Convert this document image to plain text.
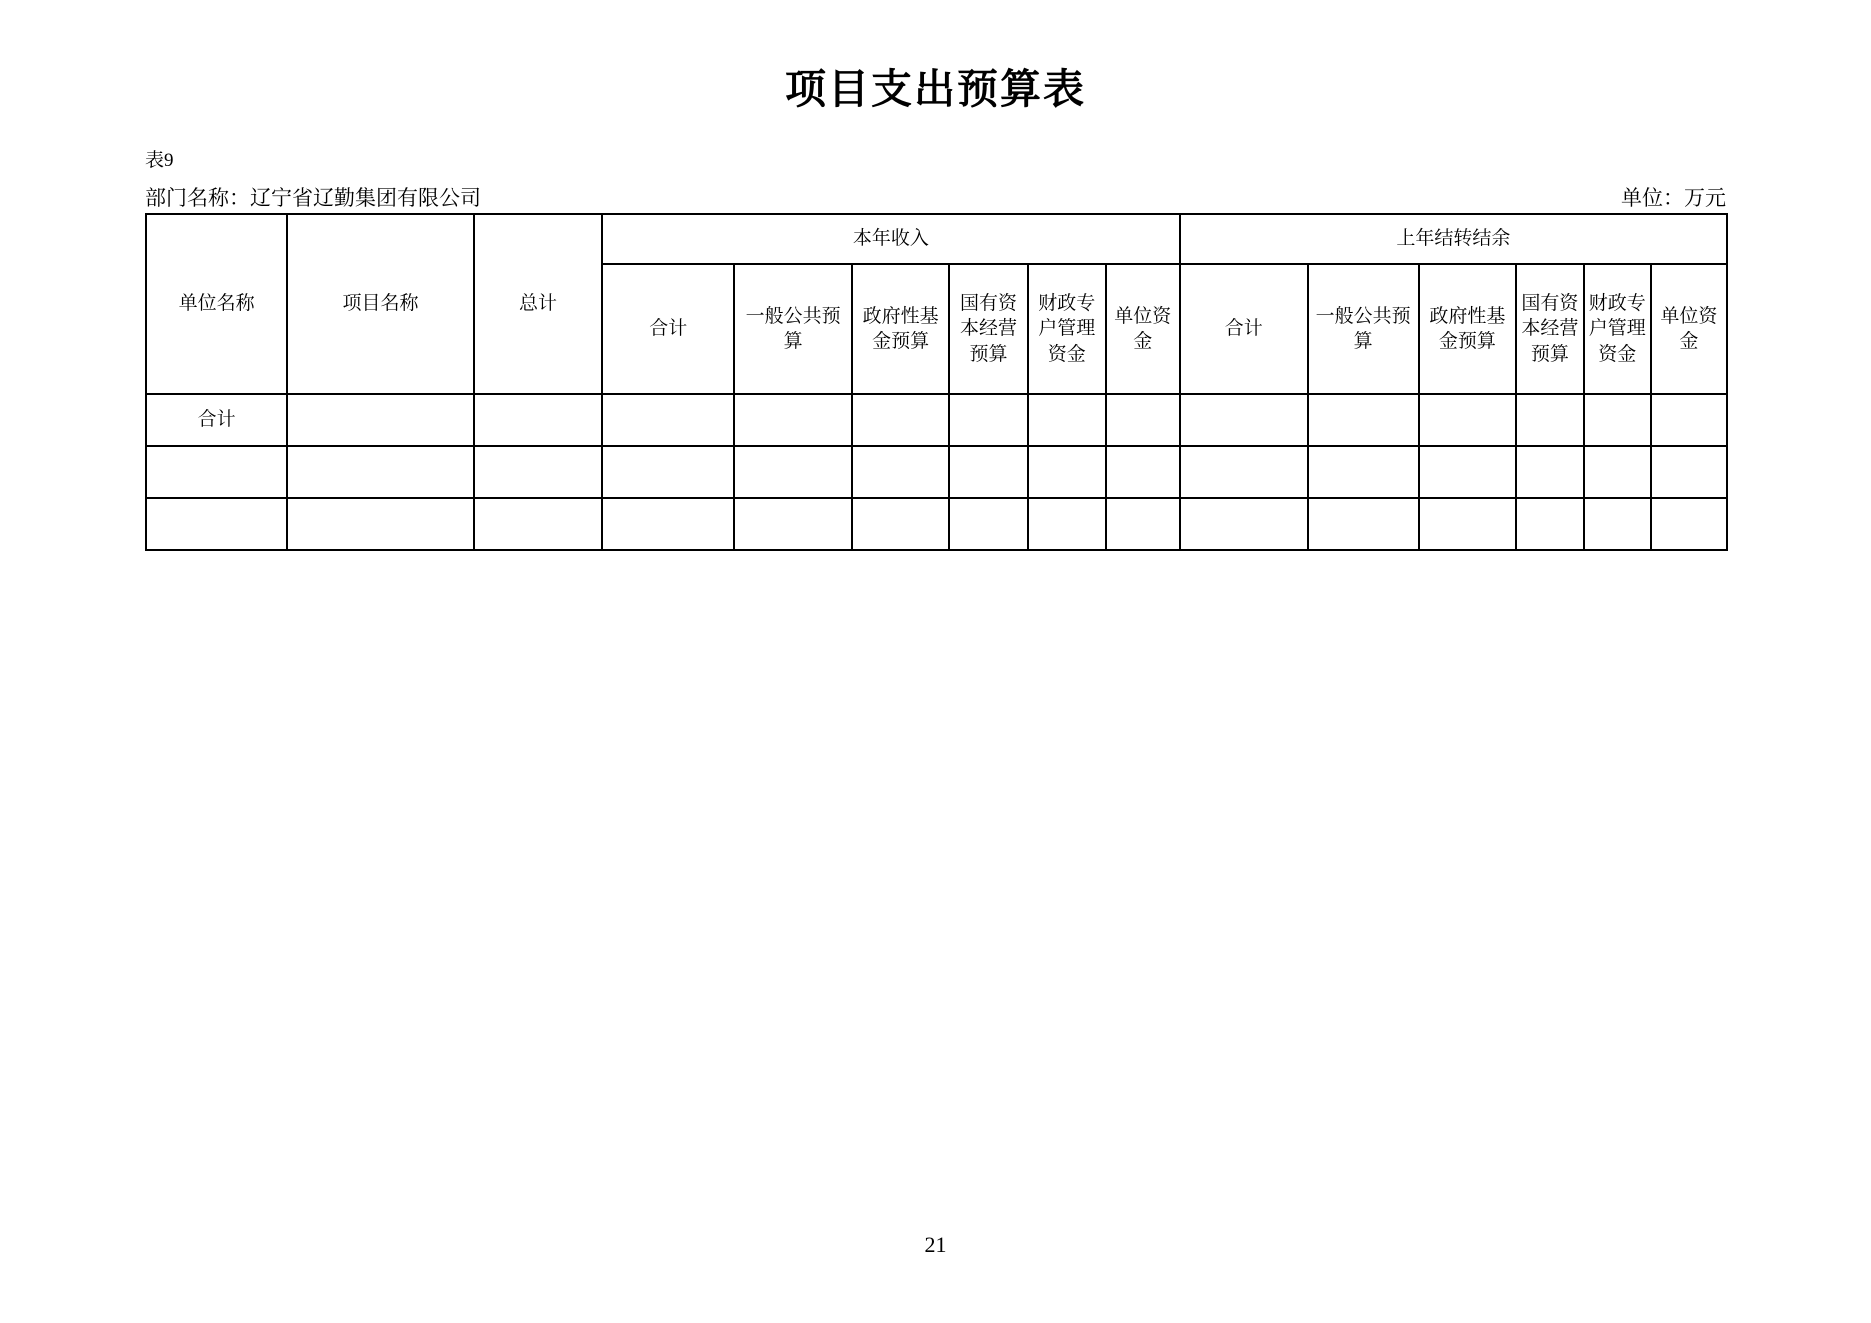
项目支出预算表
表9
部门名称：辽宁省辽勤集团有限公司	单位：万元
单位名称	项目名称	总计	本年收入						上年结转结余					
			合计	一般公共预算	政府性基金预算	国有资本经营预算	财政专户管理资金	单位资金	合计	一般公共预算	政府性基金预算	国有资本经营预算	财政专户管理资金	单位资金
合计														

21
